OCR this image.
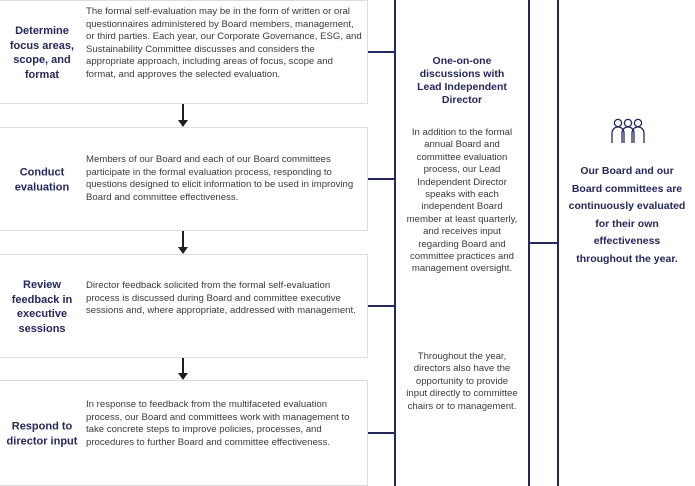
Determine focus areas, scope, and format
The formal self-evaluation may be in the form of written or oral questionnaires administered by Board members, management, or third parties. Each year, our Corporate Governance, ESG, and Sustainability Committee discusses and considers the appropriate approach, including areas of focus, scope and format, and approves the selected evaluation.
Conduct evaluation
Members of our Board and each of our Board committees participate in the formal evaluation process, responding to questions designed to elicit information to be used in improving Board and committee effectiveness.
Review feedback in executive sessions
Director feedback solicited from the formal self-evaluation process is discussed during Board and committee executive sessions and, where appropriate, addressed with management.
Respond to director input
In response to feedback from the multifaceted evaluation process, our Board and committees work with management to take concrete steps to improve policies, processes, and procedures to further Board and committee effectiveness.
One-on-one discussions with Lead Independent Director
In addition to the formal annual Board and committee evaluation process, our Lead Independent Director speaks with each independent Board member at least quarterly, and receives input regarding Board and committee practices and management oversight.
Throughout the year, directors also have the opportunity to provide input directly to committee chairs or to management.
Our Board and our Board committees are continuously evaluated for their own effectiveness throughout the year.
